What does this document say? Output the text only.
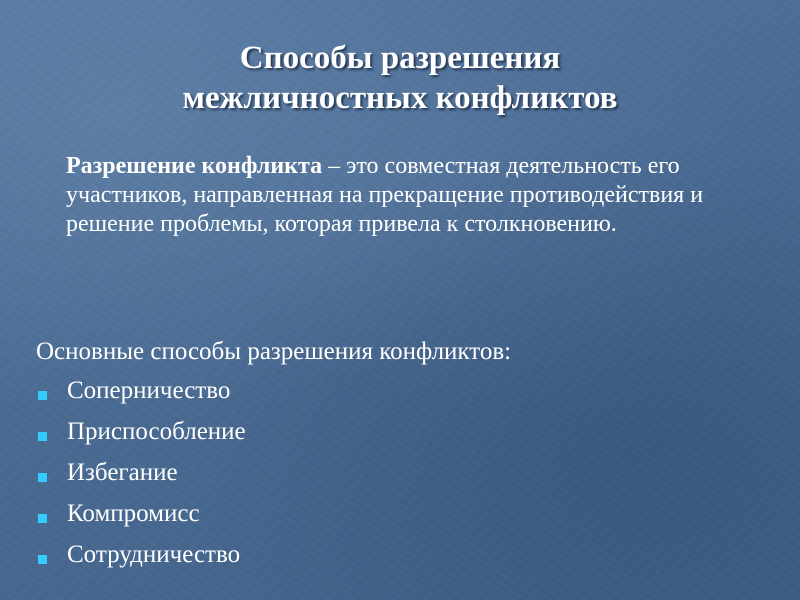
Способы разрешения
межличностных конфликтов
Разрешение конфликта – это совместная деятельность его участников, направленная на прекращение противодействия и решение проблемы, которая привела к столкновению.
Основные способы разрешения конфликтов:
Соперничество
Приспособление
Избегание
Компромисс
Сотрудничество
